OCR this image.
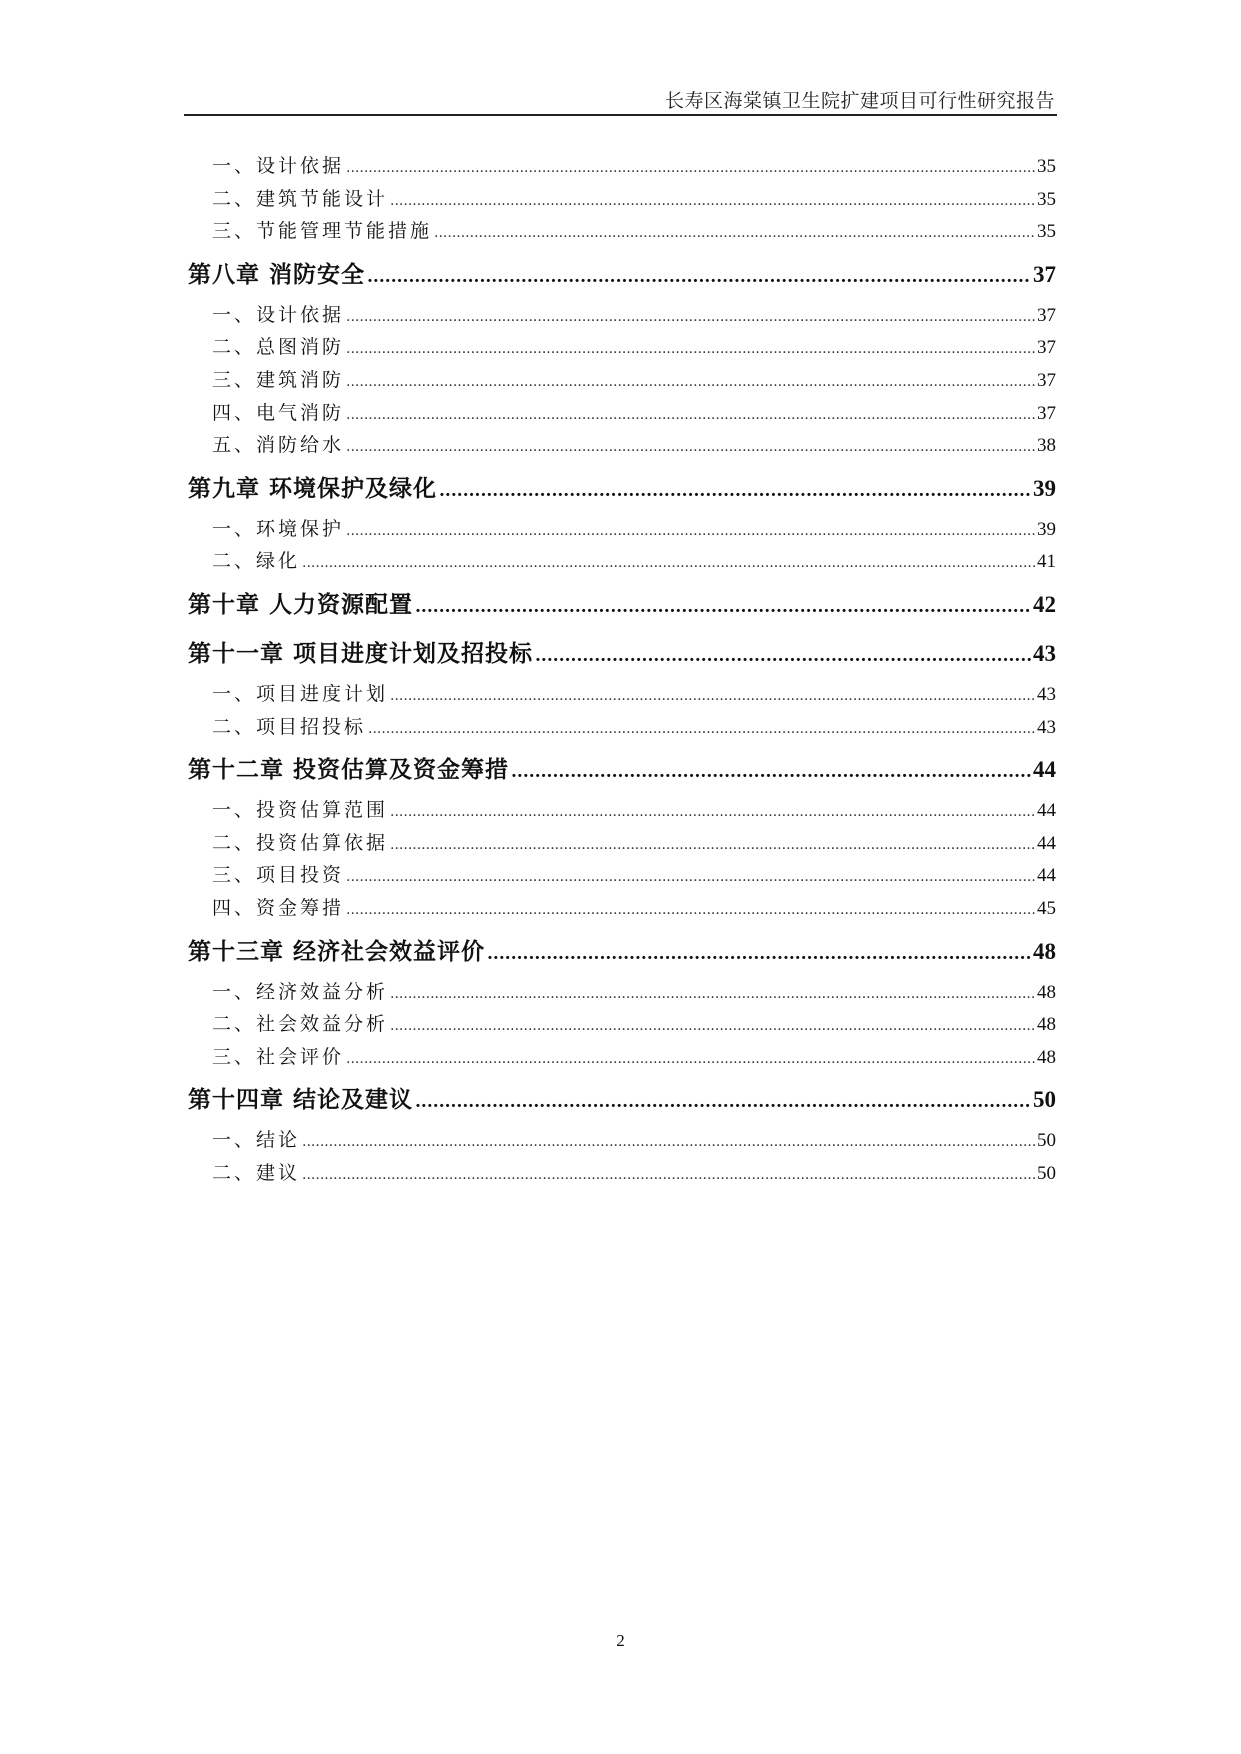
长寿区海棠镇卫生院扩建项目可行性研究报告
一、设计依据 .....	35
二、建筑节能设计 .....	35
三、节能管理节能措施 .....	35
第八章 消防安全 .....	37
一、设计依据 .....	37
二、总图消防 .....	37
三、建筑消防 .....	37
四、电气消防 .....	37
五、消防给水 .....	38
第九章 环境保护及绿化 .....	39
一、环境保护 .....	39
二、绿化 .....	41
第十章 人力资源配置 .....	42
第十一章 项目进度计划及招投标 .....	43
一、项目进度计划 .....	43
二、项目招投标 .....	43
第十二章 投资估算及资金筹措 .....	44
一、投资估算范围 .....	44
二、投资估算依据 .....	44
三、项目投资 .....	44
四、资金筹措 .....	45
第十三章 经济社会效益评价 .....	48
一、经济效益分析 .....	48
二、社会效益分析 .....	48
三、社会评价 .....	48
第十四章 结论及建议 .....	50
一、结论 .....	50
二、建议 .....	50
2
